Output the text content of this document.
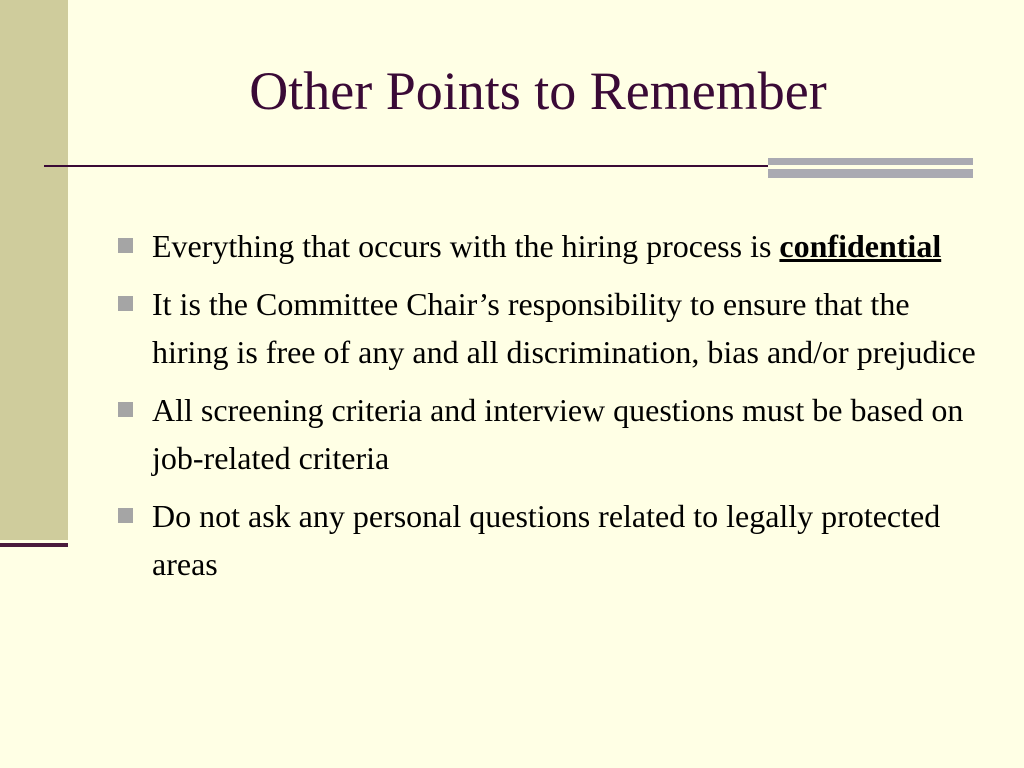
Other Points to Remember
Everything that occurs with the hiring process is confidential
It is the Committee Chair’s responsibility to ensure that the hiring is free of any and all discrimination, bias and/or prejudice
All screening criteria and interview questions must be based on job-related criteria
Do not ask any personal questions related to legally protected areas
